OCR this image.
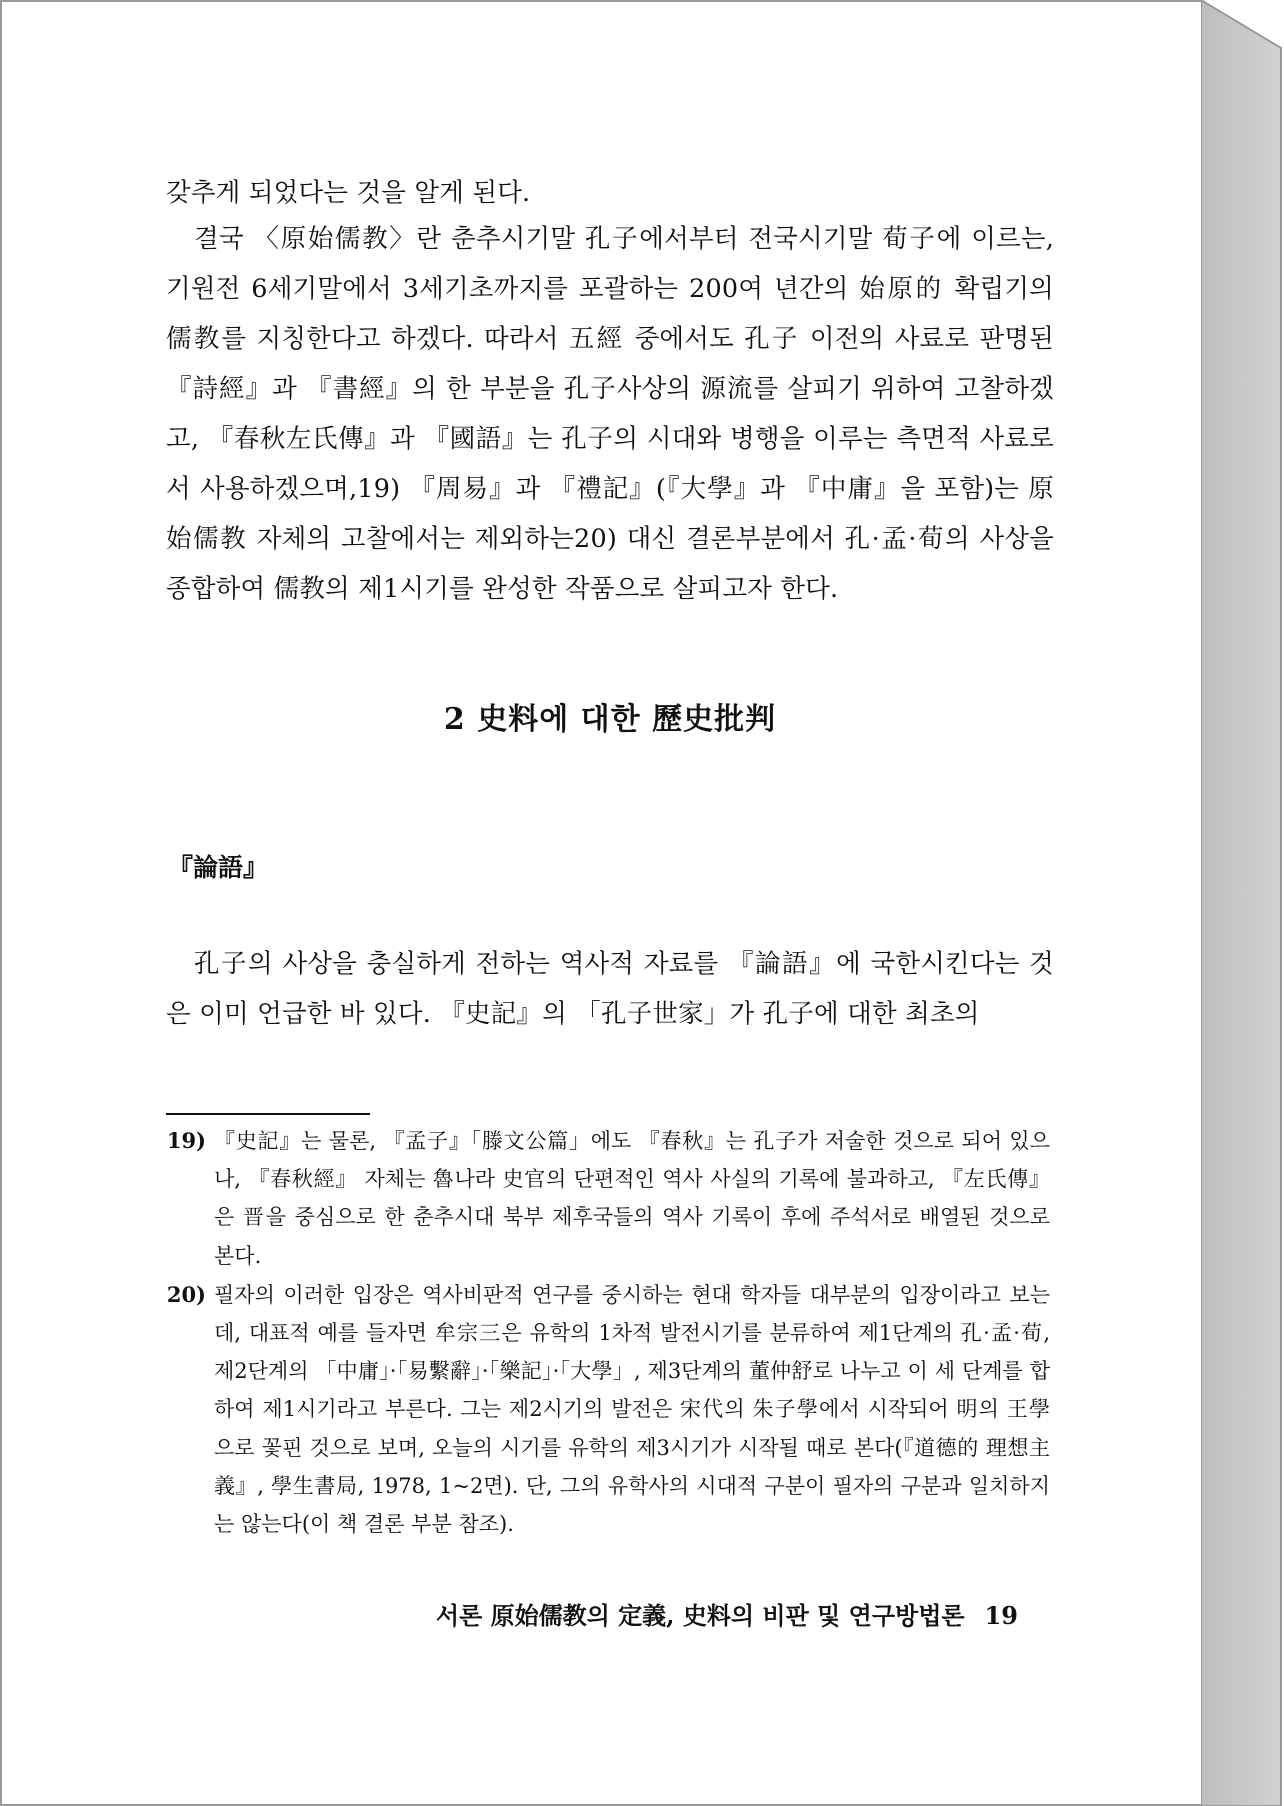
갖추게 되었다는 것을 알게 된다.

결국 〈原始儒教〉란 춘추시기말 孔子에서부터 전국시기말 荀子에 이르는, 기원전 6세기말에서 3세기초까지를 포괄하는 200여 년간의 始原的 확립기의 儒教를 지칭한다고 하겠다. 따라서 五經 중에서도 孔子 이전의 사료로 판명된 『詩經』과 『書經』의 한 부분을 孔子사상의 源流를 살피기 위하여 고찰하겠고, 『春秋左氏傳』과 『國語』는 孔子의 시대와 병행을 이루는 측면적 사료로서 사용하겠으며,19) 『周易』과 『禮記』(『大學』과 『中庸』을 포함)는 原始儒教 자체의 고찰에서는 제외하는20) 대신 결론부분에서 孔·孟·荀의 사상을 종합하여 儒教의 제1시기를 완성한 작품으로 살피고자 한다.

2 史料에 대한 歷史批判
『論語』

孔子의 사상을 충실하게 전하는 역사적 자료를 『論語』에 국한시킨다는 것은 이미 언급한 바 있다. 『史記』의 「孔子世家」가 孔子에 대한 최초의

19) 『史記』는 물론, 『孟子』「滕文公篇」에도 『春秋』는 孔子가 저술한 것으로 되어 있으나, 『春秋經』 자체는 魯나라 史官의 단편적인 역사 사실의 기록에 불과하고, 『左氏傳』은 晋을 중심으로 한 춘추시대 북부 제후국들의 역사 기록이 후에 주석서로 배열된 것으로 본다.
20) 필자의 이러한 입장은 역사비판적 연구를 중시하는 현대 학자들 대부분의 입장이라고 보는데, 대표적 예를 들자면 牟宗三은 유학의 1차적 발전시기를 분류하여 제1단계의 孔·孟·荀, 제2단계의 「中庸」·「易繫辭」·「樂記」·「大學」, 제3단계의 董仲舒로 나누고 이 세 단계를 합하여 제1시기라고 부른다. 그는 제2시기의 발전은 宋代의 朱子學에서 시작되어 明의 王學으로 꽃핀 것으로 보며, 오늘의 시기를 유학의 제3시기가 시작될 때로 본다(『道德的 理想主義』, 學生書局, 1978, 1~2면). 단, 그의 유학사의 시대적 구분이 필자의 구분과 일치하지는 않는다(이 책 결론 부분 참조).
서론 原始儒教의 定義, 史料의 비판 및 연구방법론 19
